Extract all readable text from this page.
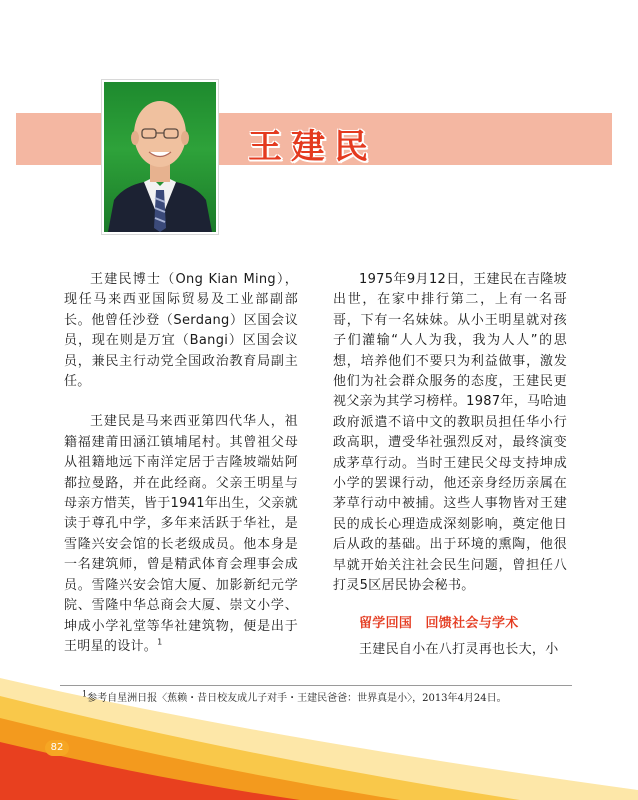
王建民

王建民博士（Ong Kian Ming），现任马来西亚国际贸易及工业部副部长。他曾任沙登（Serdang）区国会议员，现在则是万宜（Bangi）区国会议员，兼民主行动党全国政治教育局副主任。

王建民是马来西亚第四代华人，祖籍福建莆田涵江镇埔尾村。其曾祖父母从祖籍地远下南洋定居于吉隆坡端姑阿都拉曼路，并在此经商。父亲王明星与母亲方惜芙，皆于1941年出生，父亲就读于尊孔中学，多年来活跃于华社，是雪隆兴安会馆的长老级成员。他本身是一名建筑师，曾是精武体育会理事会成员。雪隆兴安会馆大厦、加影新纪元学院、雪隆中华总商会大厦、崇文小学、坤成小学礼堂等华社建筑物，便是出于王明星的设计。$^1$

1975年9月12日，王建民在吉隆坡出世，在家中排行第二，上有一名哥哥，下有一名妹妹。从小王明星就对孩子们灌输“人人为我，我为人人”的思想，培养他们不要只为利益做事，激发他们为社会群众服务的态度，王建民更视父亲为其学习榜样。1987年，马哈迪政府派遣不谙中文的教职员担任华小行政高职，遭受华社强烈反对，最终演变成茅草行动。当时王建民父母支持坤成小学的罢课行动，他还亲身经历亲属在茅草行动中被捕。这些人事物皆对王建民的成长心理造成深刻影响，奠定他日后从政的基础。出于环境的熏陶，他很早就开始关注社会民生问题，曾担任八打灵5区居民协会秘书。

留学回国　回馈社会与学术

王建民自小在八打灵再也长大，小

$^1$参考自星洲日报〈蕉赖・昔日校友成儿子对手・王建民爸爸：世界真是小〉，2013年4月24日。
82
